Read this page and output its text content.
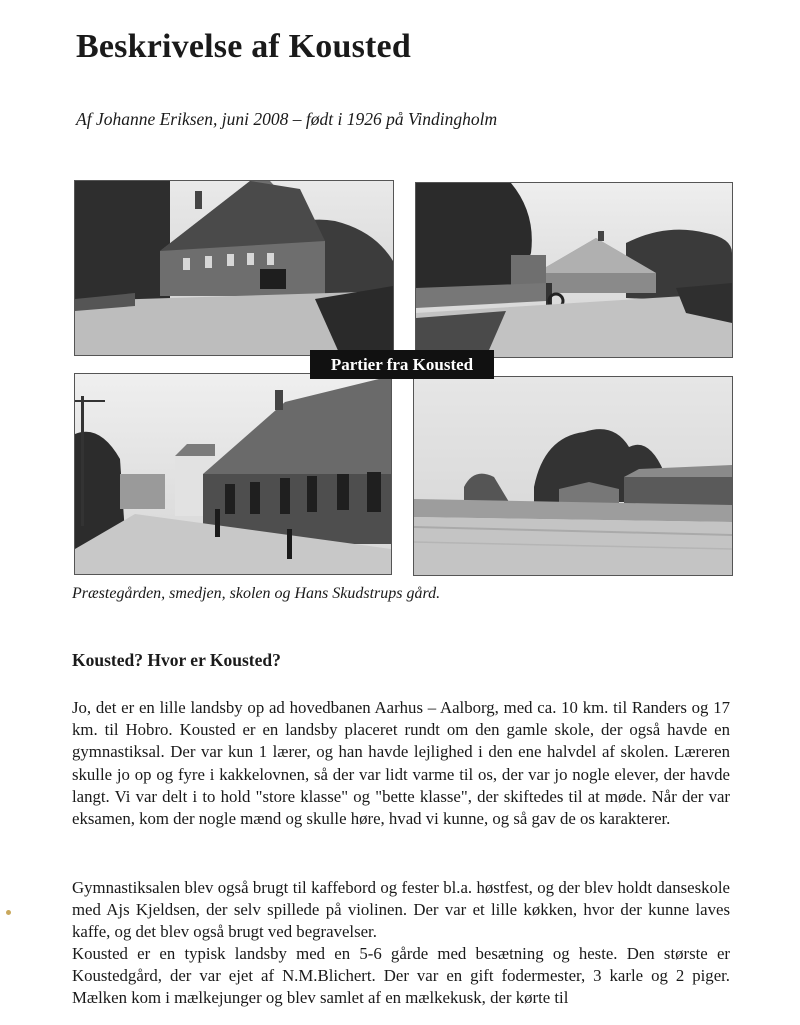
Beskrivelse af Kousted
Af Johanne Eriksen, juni 2008 – født i 1926 på Vindingholm
Partier fra Kousted
Præstegården, smedjen, skolen og Hans Skudstrups gård.
Kousted? Hvor er Kousted?

Jo, det er en lille landsby op ad hovedbanen Aarhus – Aalborg, med ca. 10 km. til Randers og 17 km. til Hobro. Kousted er en landsby placeret rundt om den gamle skole, der også havde en gymnastiksal. Der var kun 1 lærer, og han havde lejlighed i den ene halvdel af skolen. Læreren skulle jo op og fyre i kakkelovnen, så der var lidt varme til os, der var jo nogle elever, der havde langt. Vi var delt i to hold "store klasse" og "bette klasse", der skiftedes til at møde. Når der var eksamen, kom der nogle mænd og skulle høre, hvad vi kunne, og så gav de os karakterer.

Gymnastiksalen blev også brugt til kaffebord og fester bl.a. høstfest, og der blev holdt danseskole med Ajs Kjeldsen, der selv spillede på violinen. Der var et lille køkken, hvor der kunne laves kaffe, og det blev også brugt ved begravelser.

Kousted er en typisk landsby med en 5-6 gårde med besætning og heste. Den største er Koustedgård, der var ejet af N.M.Blichert. Der var en gift fodermester, 3 karle og 2 piger. Mælken kom i mælkejunger og blev samlet af en mælkekusk, der kørte til
